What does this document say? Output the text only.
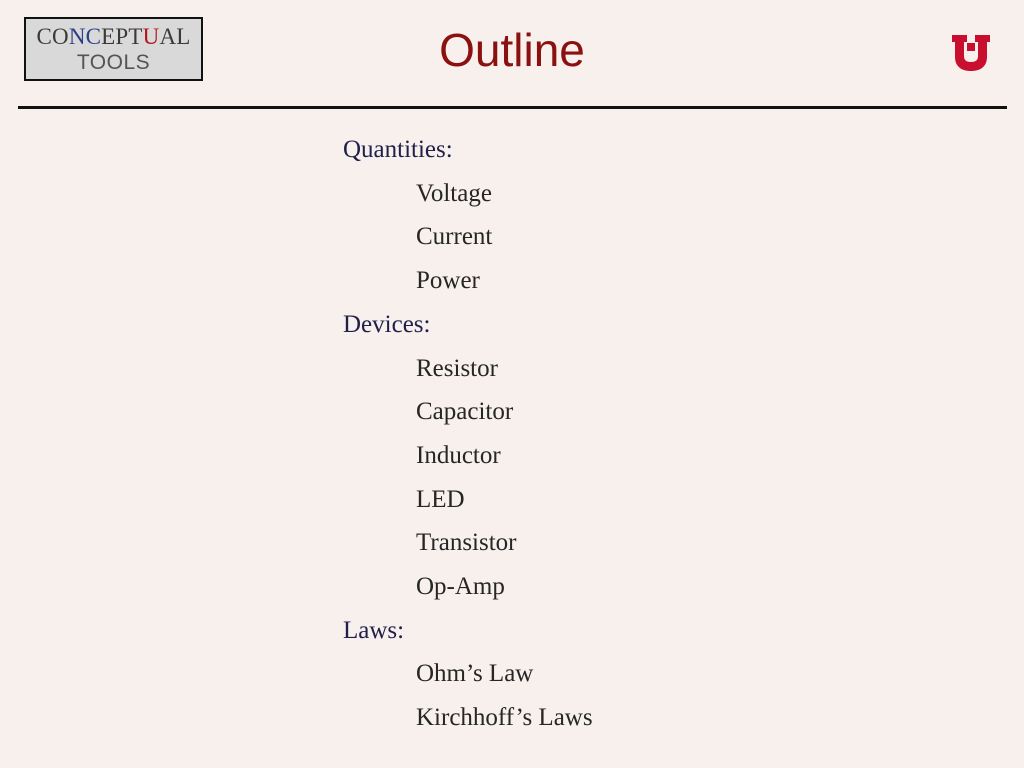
CONCEPTUAL
TOOLS	Outline
Quantities:
Voltage
Current
Power
Devices:
Resistor
Capacitor
Inductor
LED
Transistor
Op-Amp
Laws:
Ohm’s Law
Kirchhoff’s Laws
